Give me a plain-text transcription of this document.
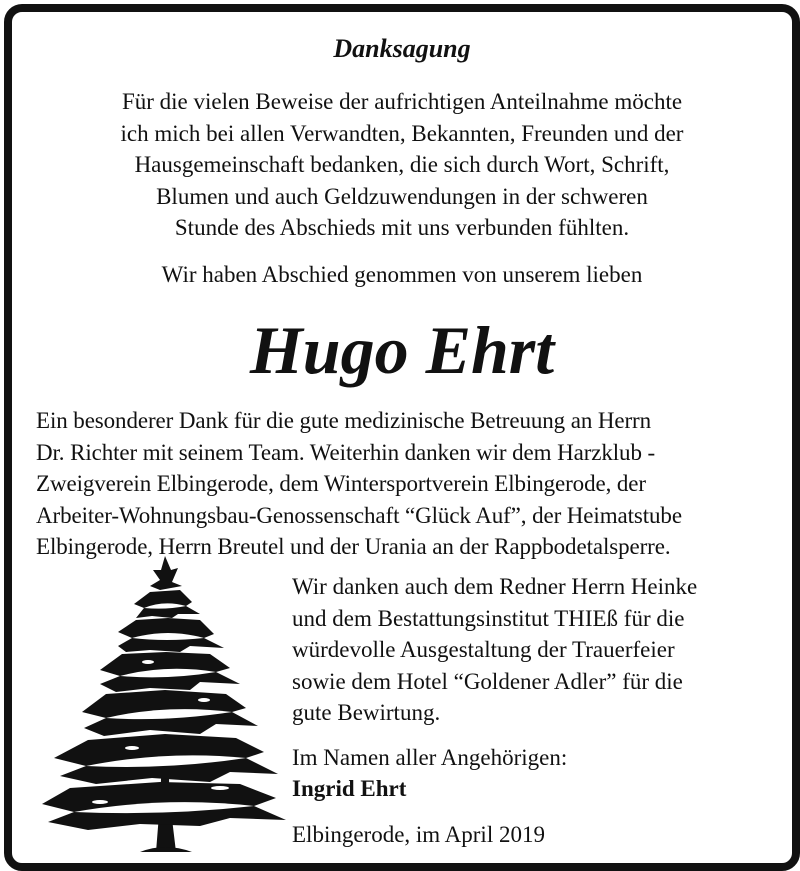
Danksagung
Für die vielen Beweise der aufrichtigen Anteilnahme möchte
ich mich bei allen Verwandten, Bekannten, Freunden und der
Hausgemeinschaft bedanken, die sich durch Wort, Schrift,
Blumen und auch Geldzuwendungen in der schweren
Stunde des Abschieds mit uns verbunden fühlten.
Wir haben Abschied genommen von unserem lieben
Hugo Ehrt
Ein besonderer Dank für die gute medizinische Betreuung an Herrn
Dr. Richter mit seinem Team. Weiterhin danken wir dem Harzklub -
Zweigverein Elbingerode, dem Wintersportverein Elbingerode, der
Arbeiter-Wohnungsbau-Genossenschaft “Glück Auf”, der Heimatstube
Elbingerode, Herrn Breutel und der Urania an der Rappbodetalsperre.
Wir danken auch dem Redner Herrn Heinke
und dem Bestattungsinstitut THIEß für die
würdevolle Ausgestaltung der Trauerfeier
sowie dem Hotel “Goldener Adler” für die
gute Bewirtung.
Im Namen aller Angehörigen:
Ingrid Ehrt
Elbingerode, im April 2019
